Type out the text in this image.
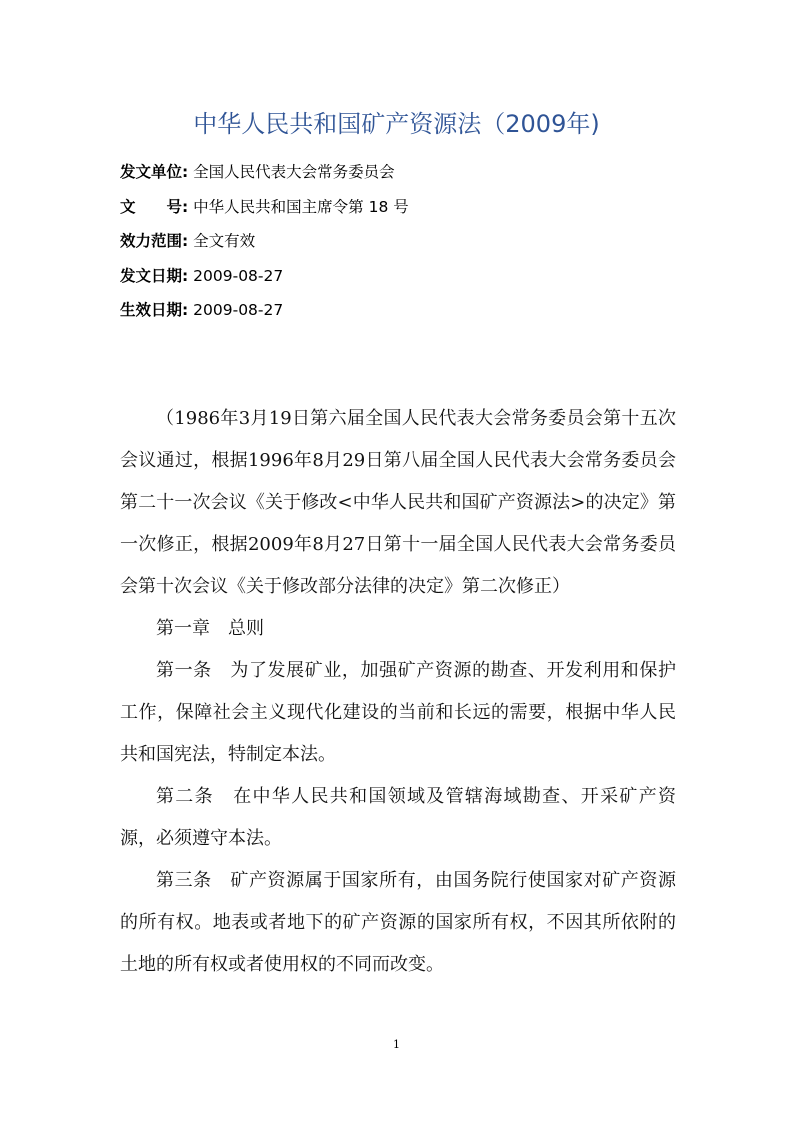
中华人民共和国矿产资源法（2009年)
发文单位: 全国人民代表大会常务委员会
文　　号: 中华人民共和国主席令第 18 号
效力范围: 全文有效
发文日期: 2009-08-27
生效日期: 2009-08-27

（1986年3月19日第六届全国人民代表大会常务委员会第十五次会议通过，根据1996年8月29日第八届全国人民代表大会常务委员会第二十一次会议《关于修改<中华人民共和国矿产资源法>的决定》第一次修正，根据2009年8月27日第十一届全国人民代表大会常务委员会第十次会议《关于修改部分法律的决定》第二次修正）

第一章　总则

第一条　为了发展矿业，加强矿产资源的勘查、开发利用和保护工作，保障社会主义现代化建设的当前和长远的需要，根据中华人民共和国宪法，特制定本法。

第二条　在中华人民共和国领域及管辖海域勘查、开采矿产资源，必须遵守本法。

第三条　矿产资源属于国家所有，由国务院行使国家对矿产资源的所有权。地表或者地下的矿产资源的国家所有权，不因其所依附的土地的所有权或者使用权的不同而改变。

1
